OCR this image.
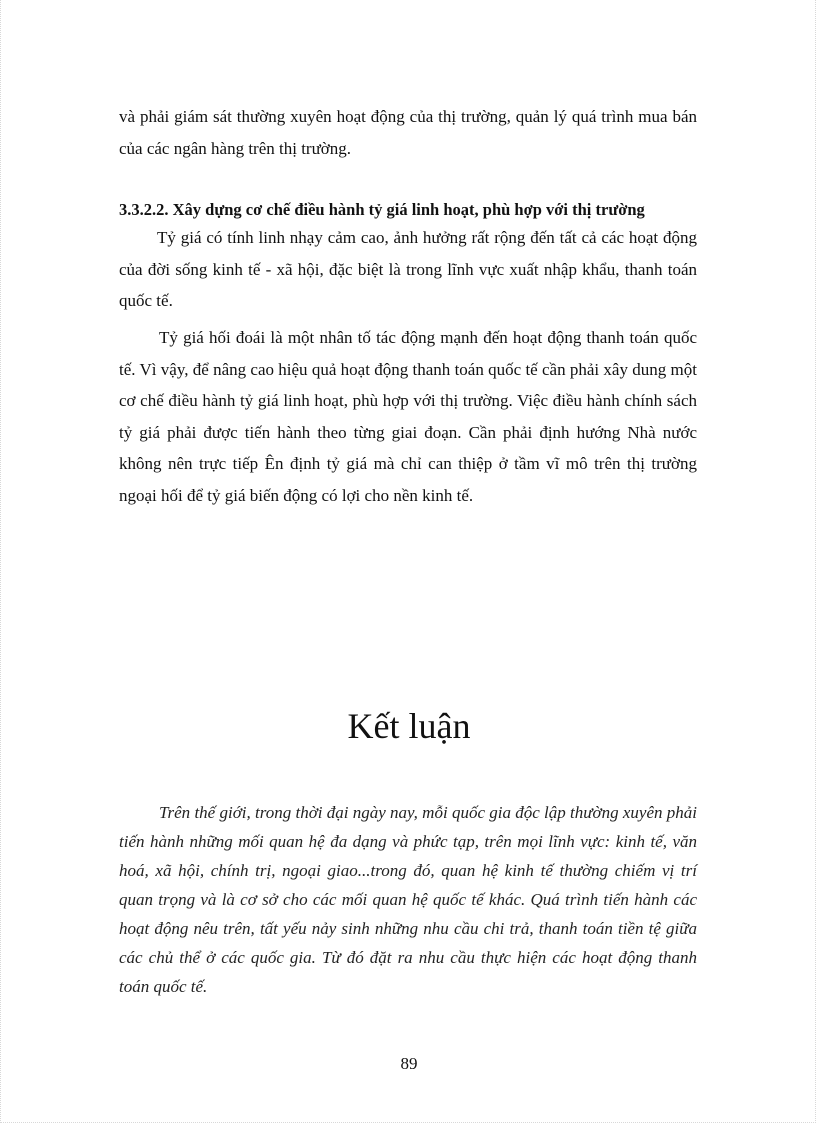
và phải giám sát thường xuyên hoạt động của thị trường, quản lý quá trình mua bán của các ngân hàng trên thị trường.

3.3.2.2. Xây dựng cơ chế điều hành tỷ giá linh hoạt, phù hợp với thị trường

Tỷ giá có tính linh nhạy cảm cao, ảnh hưởng rất rộng đến tất cả các hoạt động của đời sống kinh tế - xã hội, đặc biệt là trong lĩnh vực xuất nhập khẩu, thanh toán quốc tế.

Tỷ giá hối đoái là một nhân tố tác động mạnh đến hoạt động thanh toán quốc tế. Vì vậy, để nâng cao hiệu quả hoạt động thanh toán quốc tế cần phải xây dung một cơ chế điều hành tỷ giá linh hoạt, phù hợp với thị trường. Việc điều hành chính sách tỷ giá phải được tiến hành theo từng giai đoạn. Cần phải định hướng Nhà nước không nên trực tiếp Ên định tỷ giá mà chỉ can thiệp ở tầm vĩ mô trên thị trường ngoại hối để tỷ giá biến động có lợi cho nền kinh tế.

Kết luận

Trên thế giới, trong thời đại ngày nay, mỗi quốc gia độc lập thường xuyên phải tiến hành những mối quan hệ đa dạng và phức tạp, trên mọi lĩnh vực: kinh tế, văn hoá, xã hội, chính trị, ngoại giao...trong đó, quan hệ kinh tế thường chiếm vị trí quan trọng và là cơ sở cho các mối quan hệ quốc tế khác. Quá trình tiến hành các hoạt động nêu trên, tất yếu nảy sinh những nhu cầu chi trả, thanh toán tiền tệ giữa các chủ thể ở các quốc gia. Từ đó đặt ra nhu cầu thực hiện các hoạt động thanh toán quốc tế.

89
